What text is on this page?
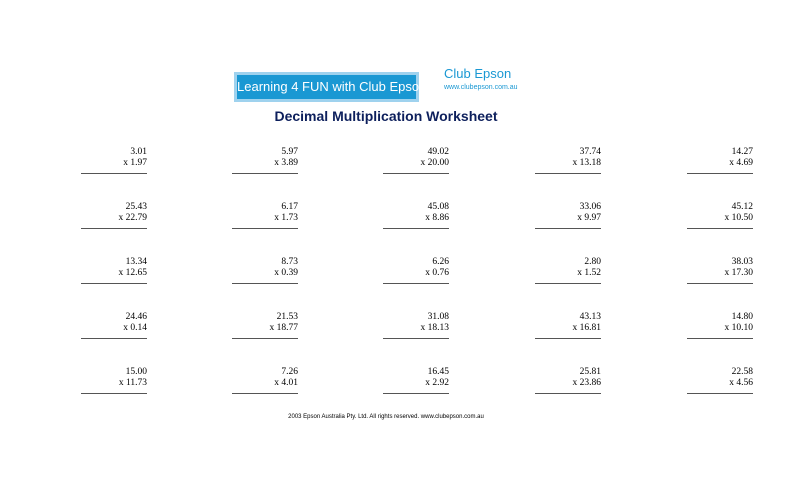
Learning 4 FUN with Club Epson
Club Epson
www.clubepson.com.au
Decimal Multiplication Worksheet
3.01
x 1.97
5.97
x 3.89
49.02
x 20.00
37.74
x 13.18
14.27
x 4.69
25.43
x 22.79
6.17
x 1.73
45.08
x 8.86
33.06
x 9.97
45.12
x 10.50
13.34
x 12.65
8.73
x 0.39
6.26
x 0.76
2.80
x 1.52
38.03
x 17.30
24.46
x 0.14
21.53
x 18.77
31.08
x 18.13
43.13
x 16.81
14.80
x 10.10
15.00
x 11.73
7.26
x 4.01
16.45
x 2.92
25.81
x 23.86
22.58
x 4.56
2003 Epson Australia Pty. Ltd. All rights reserved. www.clubepson.com.au
